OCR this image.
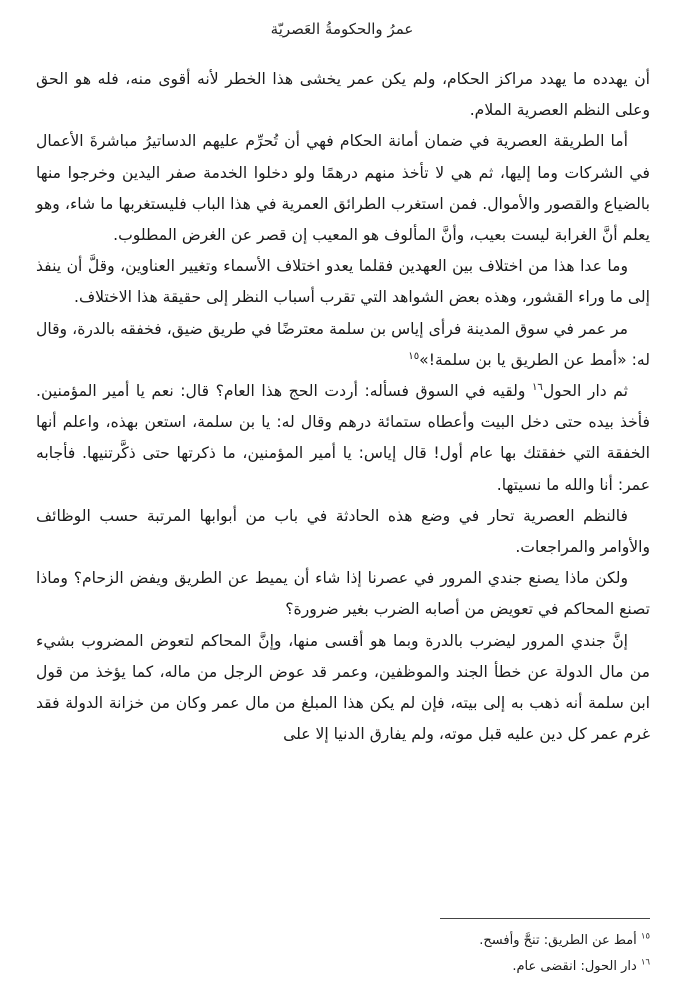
عمرُ والحكومةُ العَصريّة

أن يهدده ما يهدد مراكز الحكام، ولم يكن عمر يخشى هذا الخطر لأنه أقوى منه، فله هو الحق وعلى النظم العصرية الملام.

أما الطريقة العصرية في ضمان أمانة الحكام فهي أن تُحرِّم عليهم الدساتيرُ مباشرةَ الأعمال في الشركات وما إليها، ثم هي لا تأخذ منهم درهمًا ولو دخلوا الخدمة صفر اليدين وخرجوا منها بالضياع والقصور والأموال. فمن استغرب الطرائق العمرية في هذا الباب فليستغربها ما شاء، وهو يعلم أنَّ الغرابة ليست بعيب، وأنَّ المألوف هو المعيب إن قصر عن الغرض المطلوب.

وما عدا هذا من اختلاف بين العهدين فقلما يعدو اختلاف الأسماء وتغيير العناوين، وقلَّ أن ينفذ إلى ما وراء القشور، وهذه بعض الشواهد التي تقرب أسباب النظر إلى حقيقة هذا الاختلاف.

مر عمر في سوق المدينة فرأى إياس بن سلمة معترضًا في طريق ضيق، فخفقه بالدرة، وقال له: «أمط عن الطريق يا بن سلمة!»$^{١٥}$

ثم دار الحول$^{١٦}$ ولقيه في السوق فسأله: أردت الحج هذا العام؟ قال: نعم يا أمير المؤمنين. فأخذ بيده حتى دخل البيت وأعطاه ستمائة درهم وقال له: يا بن سلمة، استعن بهذه، واعلم أنها الخفقة التي خفقتك بها عام أول! قال إياس: يا أمير المؤمنين، ما ذكرتها حتى ذكَّرتنيها. فأجابه عمر: أنا والله ما نسيتها.

فالنظم العصرية تحار في وضع هذه الحادثة في باب من أبوابها المرتبة حسب الوظائف والأوامر والمراجعات.

ولكن ماذا يصنع جندي المرور في عصرنا إذا شاء أن يميط عن الطريق ويفض الزحام؟ وماذا تصنع المحاكم في تعويض من أصابه الضرب بغير ضرورة؟

إنَّ جندي المرور ليضرب بالدرة وبما هو أقسى منها، وإنَّ المحاكم لتعوض المضروب بشيء من مال الدولة عن خطأ الجند والموظفين، وعمر قد عوض الرجل من ماله، كما يؤخذ من قول ابن سلمة أنه ذهب به إلى بيته، فإن لم يكن هذا المبلغ من مال عمر وكان من خزانة الدولة فقد غرم عمر كل دين عليه قبل موته، ولم يفارق الدنيا إلا على

$^{١٥}$ أمط عن الطريق: تنحَّ وأفسح.
$^{١٦}$ دار الحول: انقضى عام.
